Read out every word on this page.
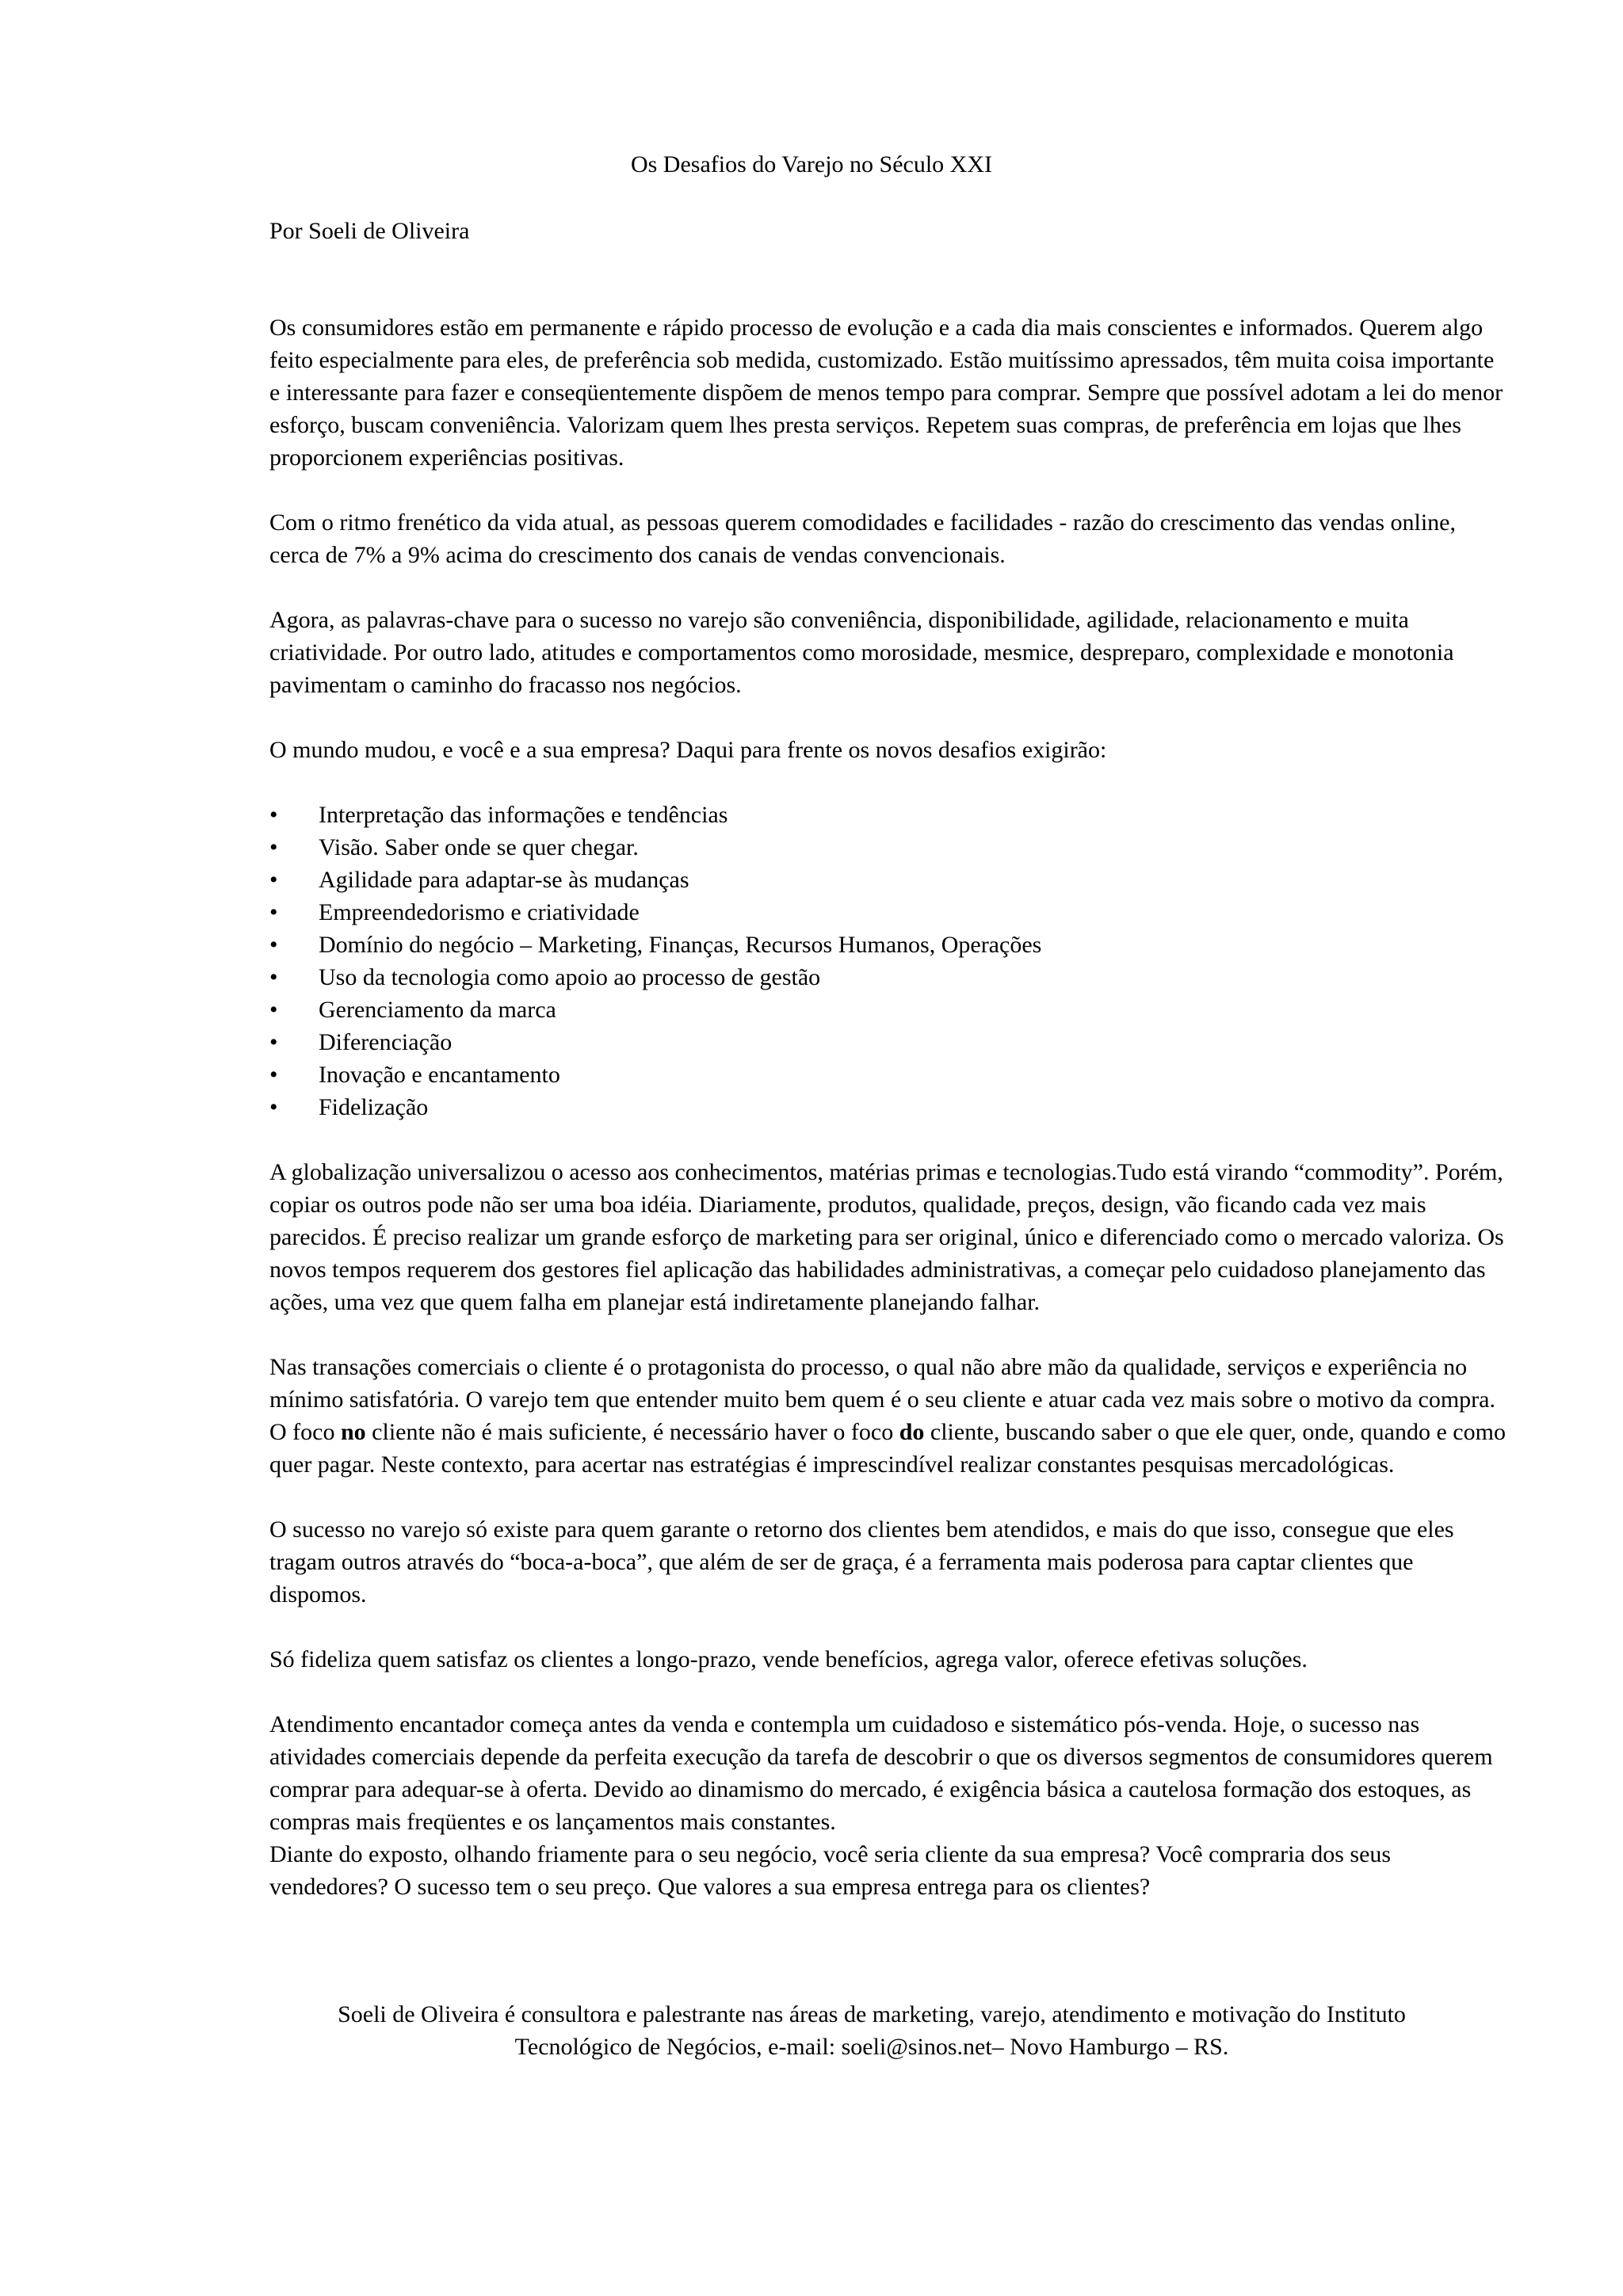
Os Desafios do Varejo no Século XXI

Por Soeli de Oliveira

Os consumidores estão em permanente e rápido processo de evolução e a cada dia mais conscientes e informados. Querem algo feito especialmente para eles, de preferência sob medida, customizado. Estão muitíssimo apressados, têm muita coisa importante e interessante para fazer e conseqüentemente dispõem de menos tempo para comprar. Sempre que possível adotam a lei do menor esforço, buscam conveniência. Valorizam quem lhes presta serviços. Repetem suas compras, de preferência em lojas que lhes proporcionem experiências positivas.

Com o ritmo frenético da vida atual, as pessoas querem comodidades e facilidades - razão do crescimento das vendas online, cerca de 7% a 9% acima do crescimento dos canais de vendas convencionais.

Agora, as palavras-chave para o sucesso no varejo são conveniência, disponibilidade, agilidade, relacionamento e muita criatividade. Por outro lado, atitudes e comportamentos como morosidade, mesmice, despreparo, complexidade e monotonia pavimentam o caminho do fracasso nos negócios.

O mundo mudou, e você e a sua empresa? Daqui para frente os novos desafios exigirão:

•	Interpretação das informações e tendências
•	Visão. Saber onde se quer chegar.
•	Agilidade para adaptar-se às mudanças
•	Empreendedorismo e criatividade
•	Domínio do negócio – Marketing, Finanças, Recursos Humanos, Operações
•	Uso da tecnologia como apoio ao processo de gestão
•	Gerenciamento da marca
•	Diferenciação
•	Inovação e encantamento
•	Fidelização

A globalização universalizou o acesso aos conhecimentos, matérias primas e tecnologias.Tudo está virando “commodity”. Porém, copiar os outros pode não ser uma boa idéia. Diariamente, produtos, qualidade, preços, design, vão ficando cada vez mais parecidos. É preciso realizar um grande esforço de marketing para ser original, único e diferenciado como o mercado valoriza. Os novos tempos requerem dos gestores fiel aplicação das habilidades administrativas, a começar pelo cuidadoso planejamento das ações, uma vez que quem falha em planejar está indiretamente planejando falhar.

Nas transações comerciais o cliente é o protagonista do processo, o qual não abre mão da qualidade, serviços e experiência no mínimo satisfatória. O varejo tem que entender muito bem quem é o seu cliente e atuar cada vez mais sobre o motivo da compra. O foco no cliente não é mais suficiente, é necessário haver o foco do cliente, buscando saber o que ele quer, onde, quando e como quer pagar. Neste contexto, para acertar nas estratégias é imprescindível realizar constantes pesquisas mercadológicas.

O sucesso no varejo só existe para quem garante o retorno dos clientes bem atendidos, e mais do que isso, consegue que eles tragam outros através do “boca-a-boca”, que além de ser de graça, é a ferramenta mais poderosa para captar clientes que dispomos.

Só fideliza quem satisfaz os clientes a longo-prazo, vende benefícios, agrega valor, oferece efetivas soluções.

Atendimento encantador começa antes da venda e contempla um cuidadoso e sistemático pós-venda. Hoje, o sucesso nas atividades comerciais depende da perfeita execução da tarefa de descobrir o que os diversos segmentos de consumidores querem comprar para adequar-se à oferta. Devido ao dinamismo do mercado, é exigência básica a cautelosa formação dos estoques, as compras mais freqüentes e os lançamentos mais constantes.

Diante do exposto, olhando friamente para o seu negócio, você seria cliente da sua empresa? Você compraria dos seus vendedores? O sucesso tem o seu preço. Que valores a sua empresa entrega para os clientes?

Soeli de Oliveira é consultora e palestrante nas áreas de marketing, varejo, atendimento e motivação do Instituto

Tecnológico de Negócios, e-mail: soeli@sinos.net– Novo Hamburgo – RS.
